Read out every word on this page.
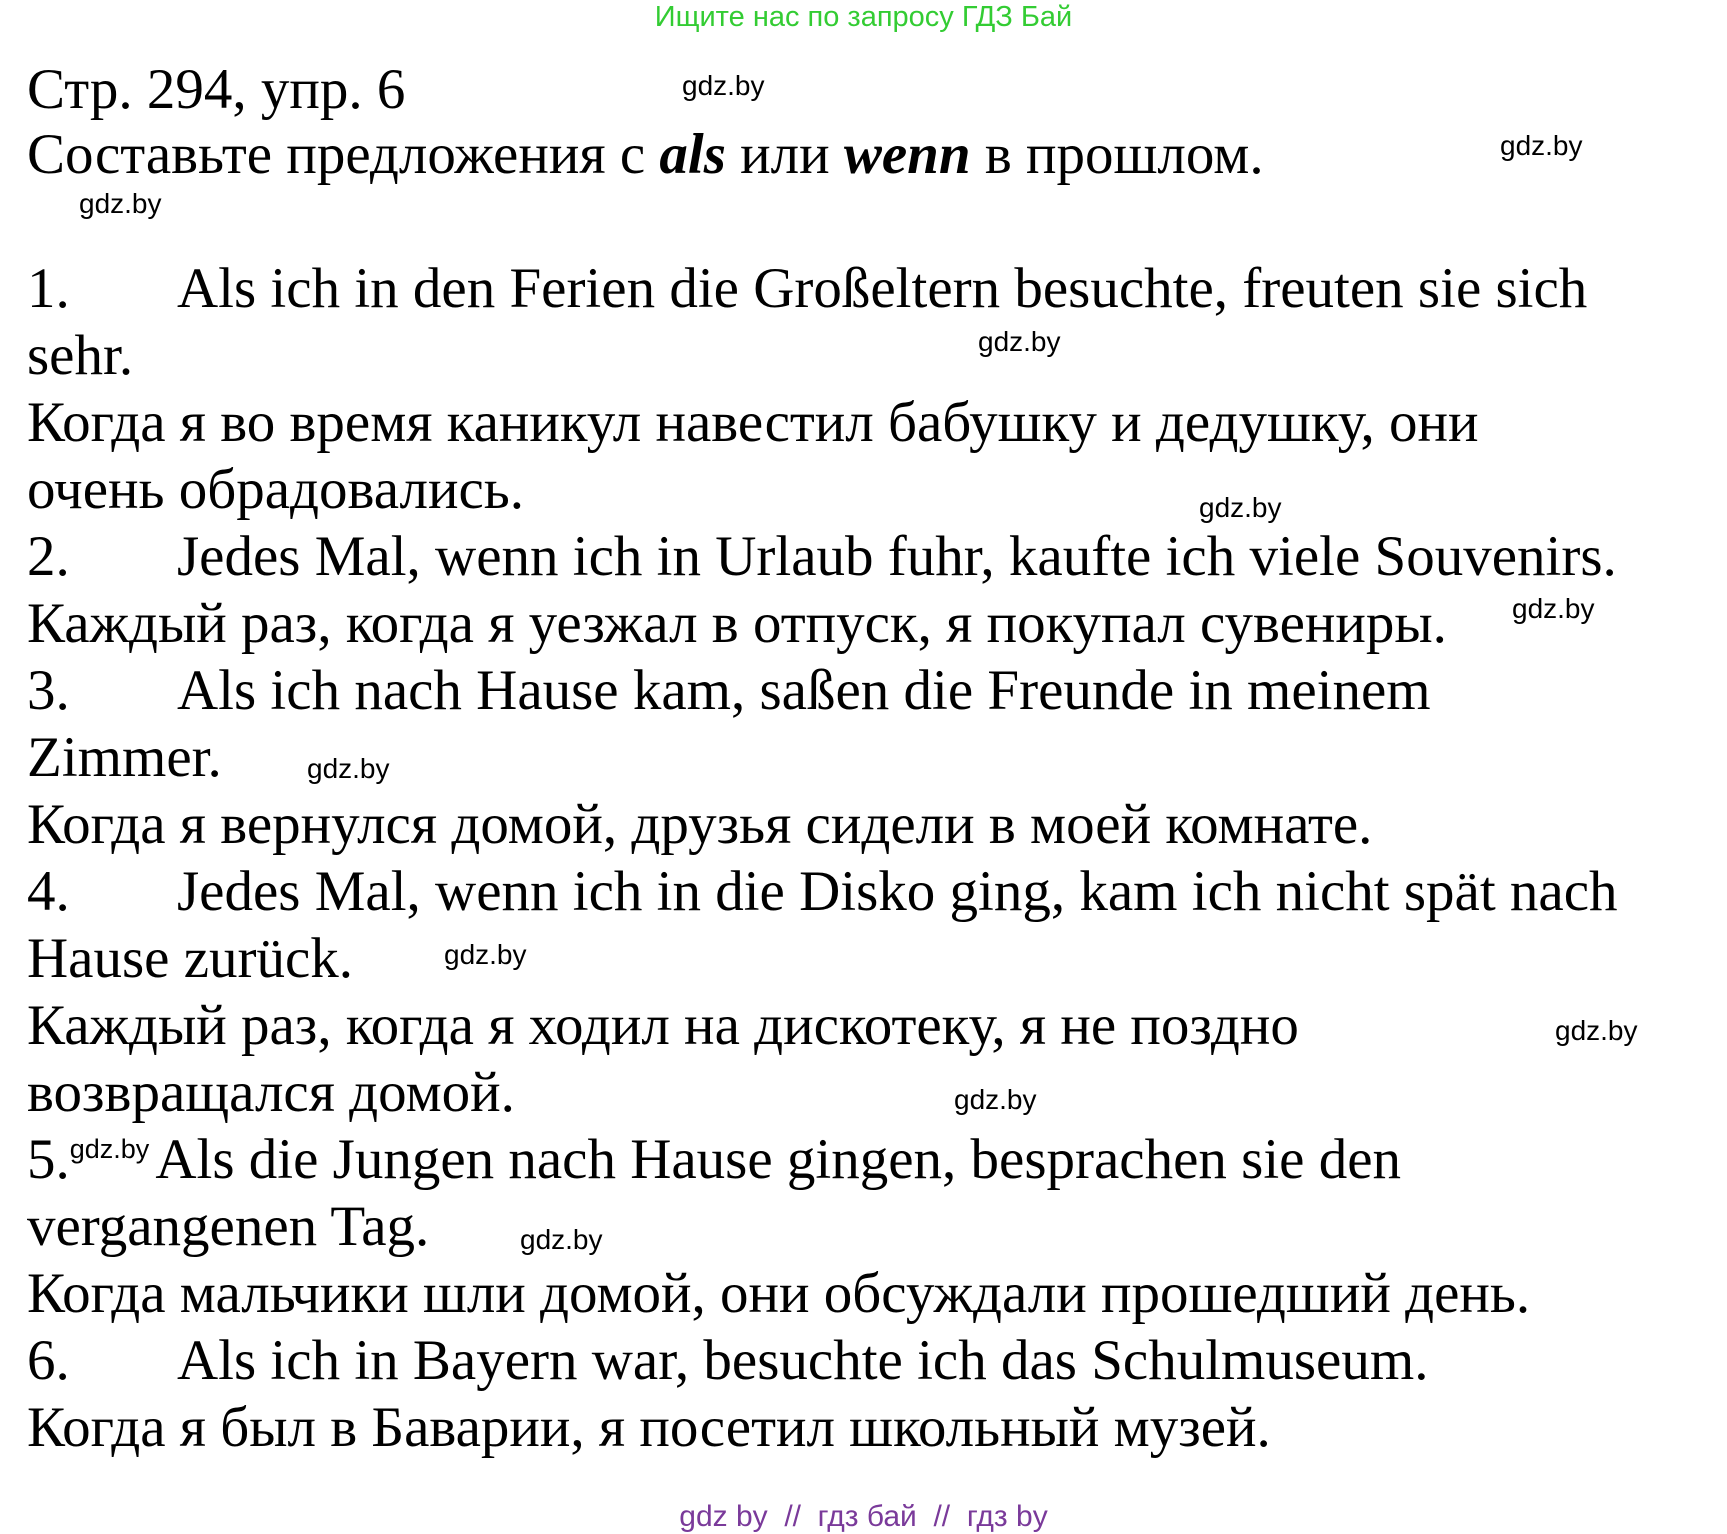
Ищите нас по запросу ГДЗ Бай
Стр. 294, упр. 6
Составьте предложения с als или wenn в прошлом.
1. Als ich in den Ferien die Großeltern besuchte, freuten sie sich
sehr.
Когда я во время каникул навестил бабушку и дедушку, они
очень обрадовались.
2. Jedes Mal, wenn ich in Urlaub fuhr, kaufte ich viele Souvenirs.
Каждый раз, когда я уезжал в отпуск, я покупал сувениры.
3. Als ich nach Hause kam, saßen die Freunde in meinem
Zimmer.
Когда я вернулся домой, друзья сидели в моей комнате.
4. Jedes Mal, wenn ich in die Disko ging, kam ich nicht spät nach
Hause zurück.
Каждый раз, когда я ходил на дискотеку, я не поздно
возвращался домой.
5.$^{gdz.by}$ Als die Jungen nach Hause gingen, besprachen sie den
vergangenen Tag.
Когда мальчики шли домой, они обсуждали прошедший день.
6. Als ich in Bayern war, besuchte ich das Schulmuseum.
Когда я был в Баварии, я посетил школьный музей.
gdz.by
gdz.by
gdz.by
gdz.by
gdz.by
gdz.by
gdz.by
gdz.by
gdz.by
gdz.by
gdz.by
gdz by  //  гдз бай  //  гдз by
